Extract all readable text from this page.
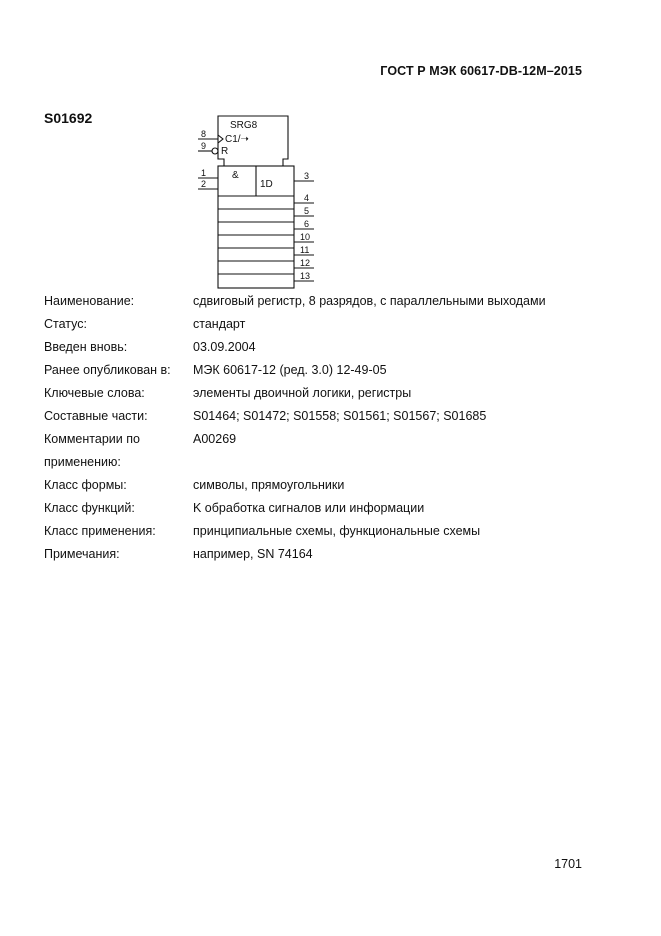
ГОСТ Р МЭК 60617-DB-12M–2015
S01692	SRG8
C1/➝
R
&
1D
8
9
1
2
3
4
5
6
10
11
12
13
Наименование:	сдвиговый регистр, 8 разрядов, с параллельными выходами
Статус:	стандарт
Введен вновь:	03.09.2004
Ранее опубликован в:	МЭК 60617-12 (ред. 3.0) 12-49-05
Ключевые слова:	элементы двоичной логики, регистры
Составные части:	S01464; S01472; S01558; S01561; S01567; S01685
Комментарии по	A00269
применению:
Класс формы:	символы, прямоугольники
Класс функций:	K обработка сигналов или информации
Класс применения:	принципиальные схемы, функциональные схемы
Примечания:	например, SN 74164
1701
